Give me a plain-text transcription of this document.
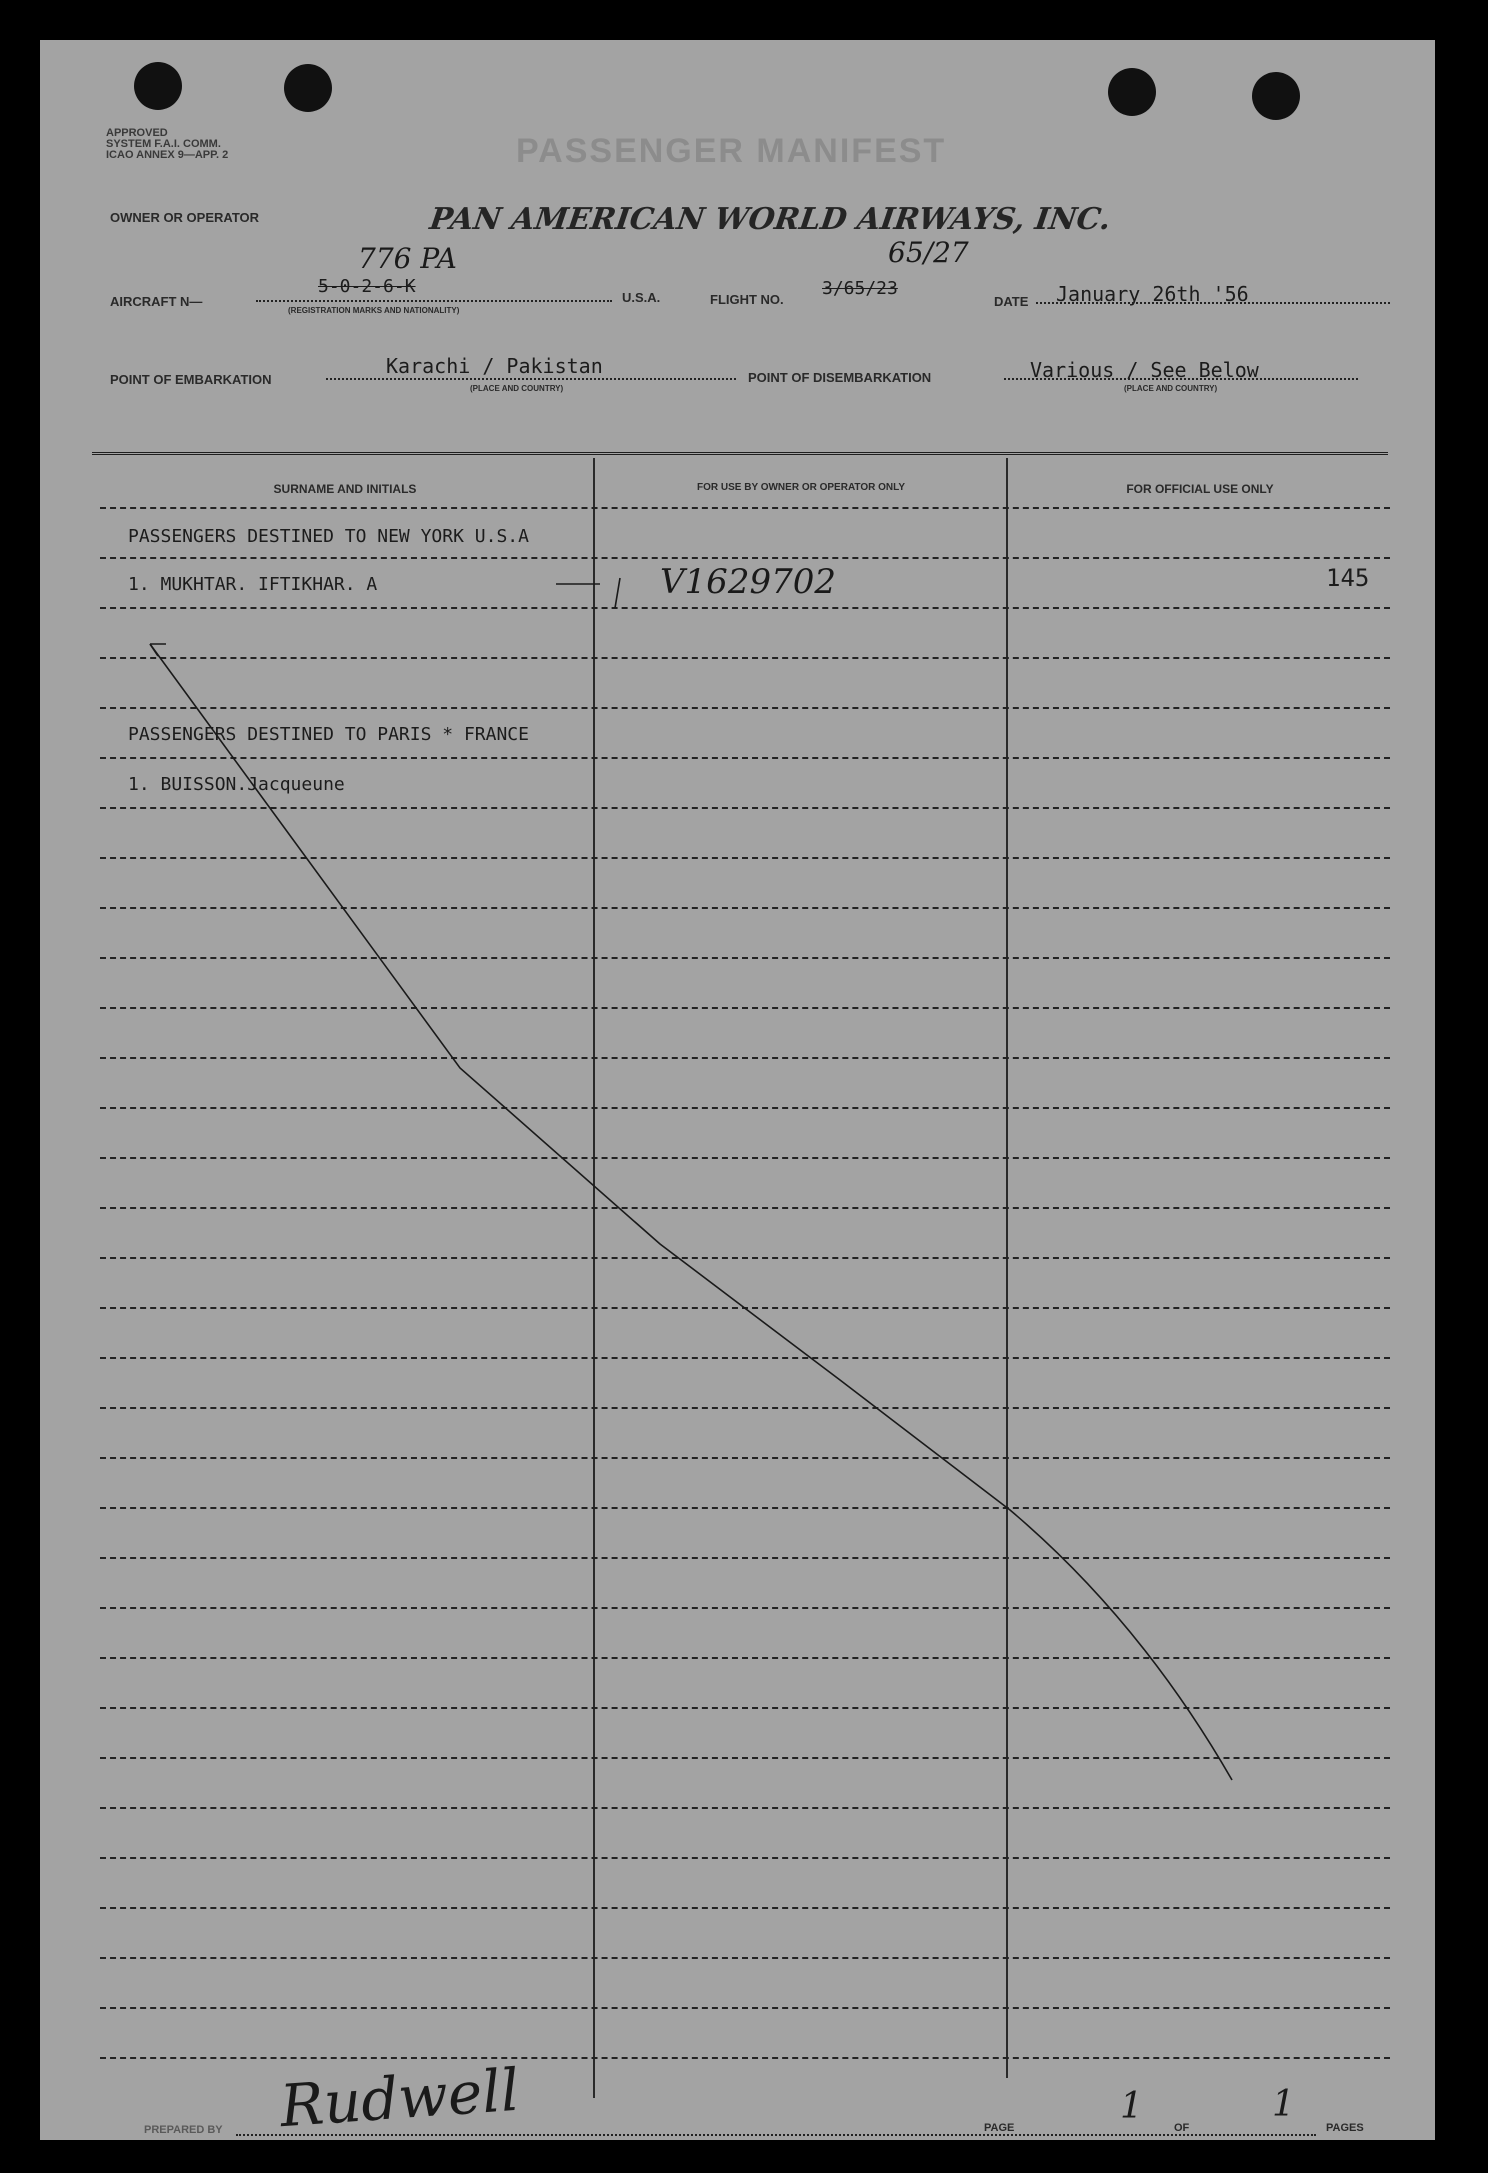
APPROVED
SYSTEM F.A.I. COMM.
ICAO ANNEX 9—APP. 2	PASSENGER MANIFEST
OWNER OR OPERATOR	PAN AMERICAN WORLD AIRWAYS, INC.
AIRCRAFT N—
776 PA
5-0-2-6-K
(REGISTRATION MARKS AND NATIONALITY)
U.S.A.	FLIGHT NO.
65/27
3/65/23
DATE January 26th '56
POINT OF EMBARKATION
Karachi / Pakistan
(PLACE AND COUNTRY)
POINT OF DISEMBARKATION	Various / See Below
(PLACE AND COUNTRY)
SURNAME AND INITIALS	FOR USE BY OWNER OR OPERATOR ONLY	FOR OFFICIAL USE ONLY
PASSENGERS DESTINED TO NEW YORK U.S.A
1. MUKHTAR. IFTIKHAR. A	V1629702	145
PASSENGERS DESTINED TO PARIS * FRANCE
1. BUISSON.Jacqueune
PREPARED BY Rudwell	PAGE
1
OF
1
PAGES
